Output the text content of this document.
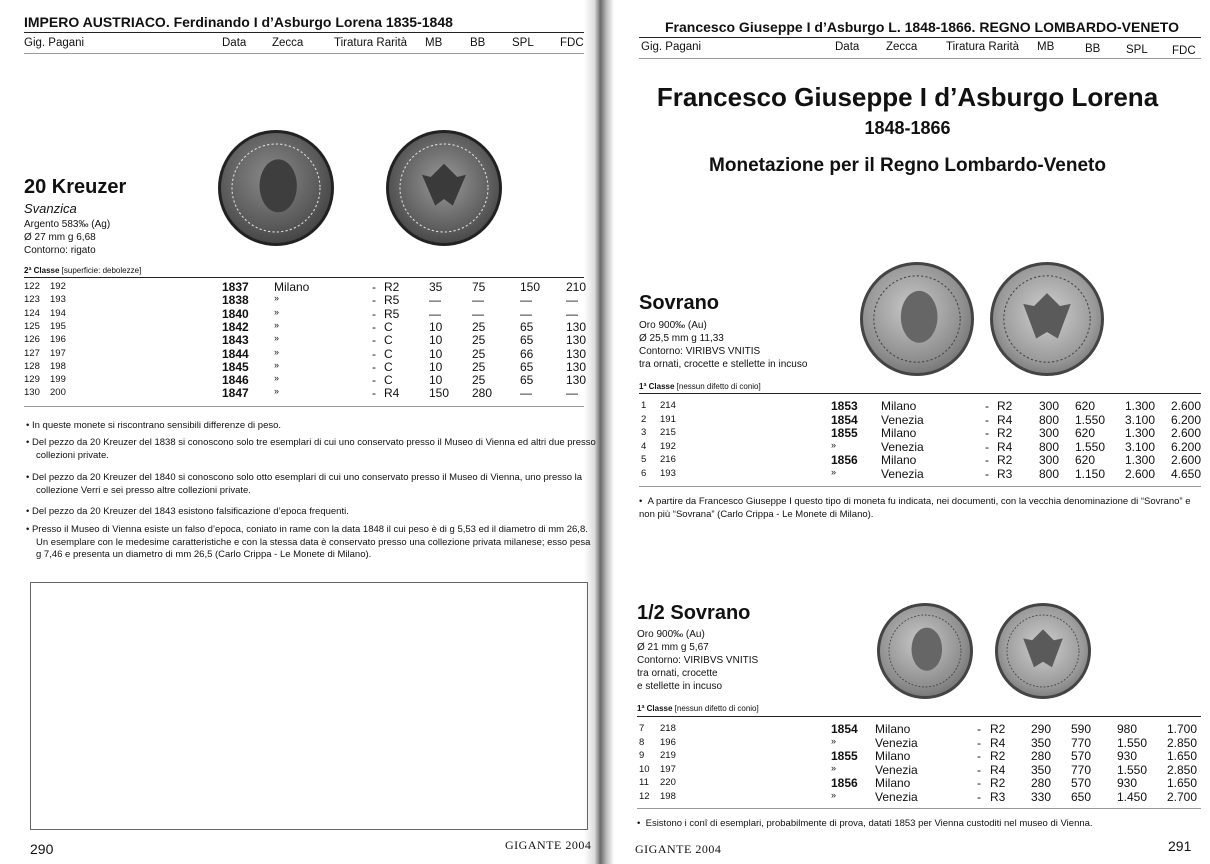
IMPERO AUSTRIACO. Ferdinando I d’Asburgo Lorena 1835-1848
Gig. Pagani	Data Zecca	Tiratura Rarità MB BB SPL FDC
20 Kreuzer
Svanzica
Argento 583‰ (Ag)
Ø 27 mm g 6,68
Contorno: rigato
2ª Classe [superficie: debolezze]
122 192	1837 Milano	- R2 35 75	150 210
123 193	1838	»	- R5 —	—	—	—
124 194	1840	»	- R5 —	—	—	—
125 195	1842	»	- C	10 25	65	130
126 196	1843	»	- C	10 25	65	130
127 197	1844	»	- C	10 25	66	130
128 198	1845	»	- C	10 25	65	130
129 199	1846	»	- C	10 25	65	130
130 200	1847	»	- R4 150 280 —	—
• In queste monete si riscontrano sensibili differenze di peso.
• Del pezzo da 20 Kreuzer del 1838 si conoscono solo tre esemplari di cui uno conservato presso il Museo di Vienna ed altri due presso collezioni private.
• Del pezzo da 20 Kreuzer del 1840 si conoscono solo otto esemplari di cui uno conservato presso il Museo di Vienna, uno presso la collezione Verri e sei presso altre collezioni private.
• Del pezzo da 20 Kreuzer del 1843 esistono falsificazione d’epoca frequenti.
• Presso il Museo di Vienna esiste un falso d’epoca, coniato in rame con la data 1848 il cui peso è di g 5,53 ed il diametro di mm 26,8. Un esemplare con le medesime caratteristiche e con la stessa data è conservato presso una collezione privata milanese; esso pesa g 7,46 e presenta un diametro di mm 26,5 (Carlo Crippa - Le Monete di Milano).
290	GIGANTE 2004
Francesco Giuseppe I d’Asburgo L. 1848-1866. REGNO LOMBARDO-VENETO
Gig. Pagani	Data Zecca Tiratura Rarità MB	BB SPL FDC
Francesco Giuseppe I d’Asburgo Lorena
1848-1866
Monetazione per il Regno Lombardo-Veneto
Sovrano
Oro 900‰ (Au)
Ø 25,5 mm g 11,33
Contorno: VIRIBVS VNITIS
tra ornati, crocette e stellette in incuso
1ª Classe [nessun difetto di conio]
1 214	1853 Milano	- R2 300 620 1.300 2.600
2 191	1854 Venezia	- R4 800 1.550 3.100 6.200
3 215	1855 Milano	- R2 300 620 1.300 2.600
4 192	»	Venezia	- R4 800 1.550 3.100 6.200
5 216	1856 Milano	- R2 300 620 1.300 2.600
6 193	»	Venezia	- R3 800 1.150 2.600 4.650
•  A partire da Francesco Giuseppe I questo tipo di moneta fu indicata, nei documenti, con la vecchia denominazione di “Sovrano” e non più “Sovrana” (Carlo Crippa - Le Monete di Milano).
1/2 Sovrano
Oro 900‰ (Au)
Ø 21 mm g 5,67
Contorno: VIRIBVS VNITIS
tra ornati, crocette
e stellette in incuso
1ª Classe [nessun difetto di conio]
7 218	1854 Milano	- R2 290 590 980 1.700
8 196	»	Venezia	- R4 350 770 1.550 2.850
9 219	1855 Milano	- R2 280 570 930 1.650
10 197	»	Venezia	- R4 350 770 1.550 2.850
11 220	1856 Milano	- R2 280 570 930 1.650
12 198	»	Venezia	- R3 330 650 1.450 2.700
•  Esistono i conî di esemplari, probabilmente di prova, datati 1853 per Vienna custoditi nel museo di Vienna.
GIGANTE 2004	291
